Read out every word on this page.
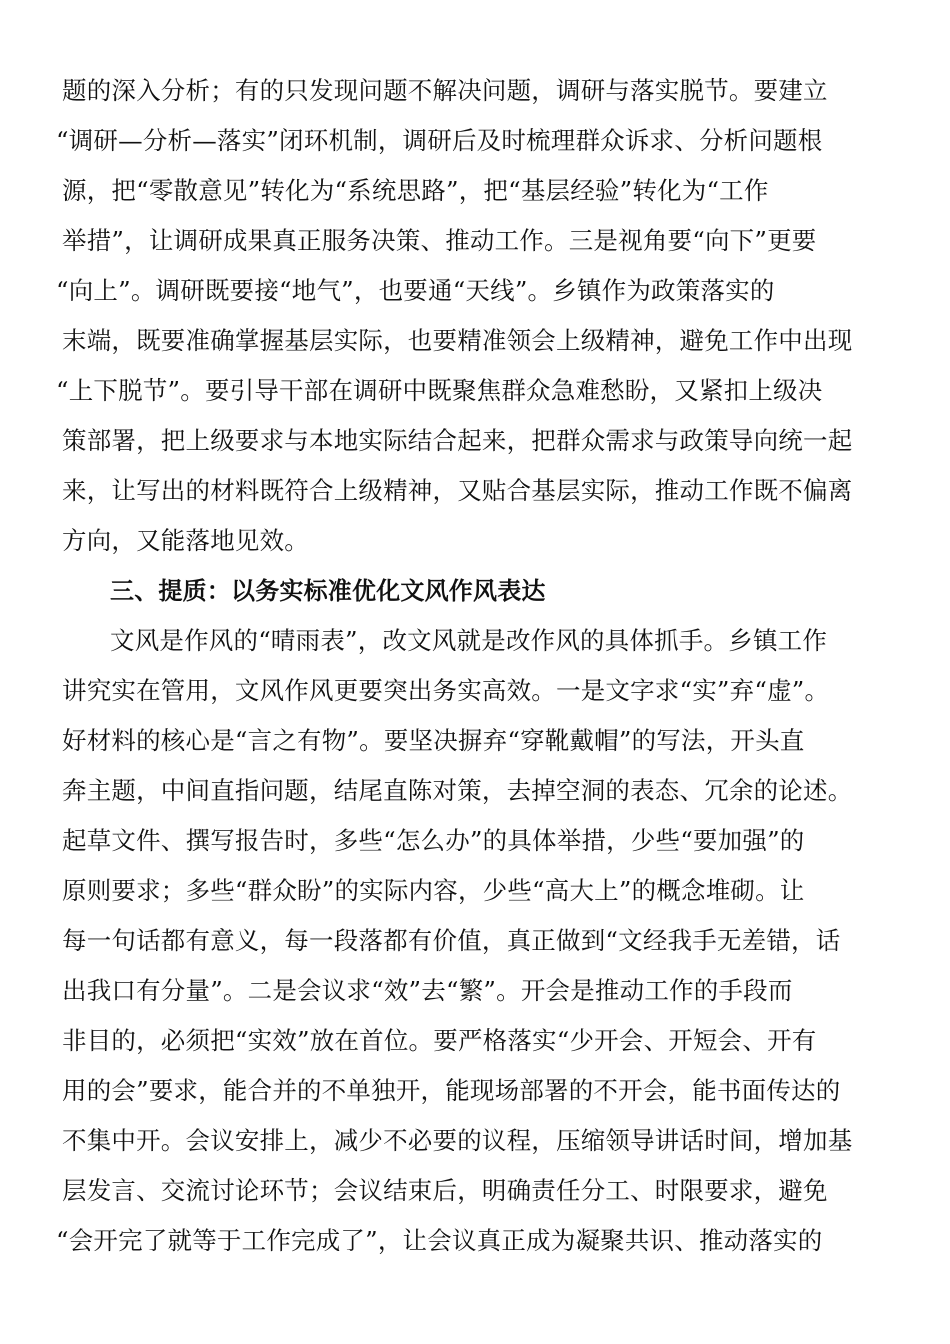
题的深入分析；有的只发现问题不解决问题，调研与落实脱节。要建立
“调研—分析—落实”闭环机制，调研后及时梳理群众诉求、分析问题根
源，把“零散意见”转化为“系统思路”，把“基层经验”转化为“工作
举措”，让调研成果真正服务决策、推动工作。三是视角要“向下”更要
“向上”。调研既要接“地气”，也要通“天线”。乡镇作为政策落实的
末端，既要准确掌握基层实际，也要精准领会上级精神，避免工作中出现
“上下脱节”。要引导干部在调研中既聚焦群众急难愁盼，又紧扣上级决
策部署，把上级要求与本地实际结合起来，把群众需求与政策导向统一起
来，让写出的材料既符合上级精神，又贴合基层实际，推动工作既不偏离
方向，又能落地见效。
三、提质：以务实标准优化文风作风表达
文风是作风的“晴雨表”，改文风就是改作风的具体抓手。乡镇工作
讲究实在管用，文风作风更要突出务实高效。一是文字求“实”弃“虚”。
好材料的核心是“言之有物”。要坚决摒弃“穿靴戴帽”的写法，开头直
奔主题，中间直指问题，结尾直陈对策，去掉空洞的表态、冗余的论述。
起草文件、撰写报告时，多些“怎么办”的具体举措，少些“要加强”的
原则要求；多些“群众盼”的实际内容，少些“高大上”的概念堆砌。让
每一句话都有意义，每一段落都有价值，真正做到“文经我手无差错，话
出我口有分量”。二是会议求“效”去“繁”。开会是推动工作的手段而
非目的，必须把“实效”放在首位。要严格落实“少开会、开短会、开有
用的会”要求，能合并的不单独开，能现场部署的不开会，能书面传达的
不集中开。会议安排上，减少不必要的议程，压缩领导讲话时间，增加基
层发言、交流讨论环节；会议结束后，明确责任分工、时限要求，避免
“会开完了就等于工作完成了”，让会议真正成为凝聚共识、推动落实的
